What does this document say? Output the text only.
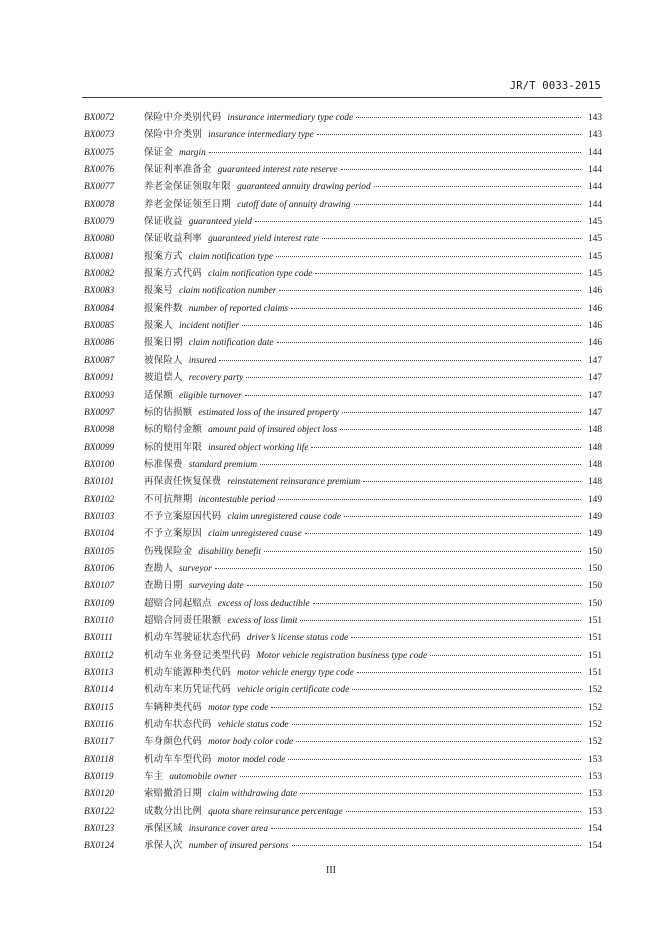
JR/T 0033-2015
BX0072	保险中介类别代码 insurance intermediary type code	143
BX0073	保险中介类别 insurance intermediary type	143
BX0075	保证金 margin	144
BX0076	保证利率准备金 guaranteed interest rate reserve	144
BX0077	养老金保证领取年限 guaranteed annuity drawing period	144
BX0078	养老金保证领至日期 cutoff date of annuity drawing	144
BX0079	保证收益 guaranteed yield	145
BX0080	保证收益利率 guaranteed yield interest rate	145
BX0081	报案方式 claim notification type	145
BX0082	报案方式代码 claim notification type code	145
BX0083	报案号 claim notification number	146
BX0084	报案件数 number of reported claims	146
BX0085	报案人 incident notifier	146
BX0086	报案日期 claim notification date	146
BX0087	被保险人 insured	147
BX0091	被追偿人 recovery party	147
BX0093	适保额 eligible turnover	147
BX0097	标的估损额 estimated loss of the insured property	147
BX0098	标的赔付金额 amount paid of insured object loss	148
BX0099	标的使用年限 insured object working life	148
BX0100	标准保费 standard premium	148
BX0101	再保责任恢复保费 reinstatement reinsurance premium	148
BX0102	不可抗辩期 incontestable period	149
BX0103	不予立案原因代码 claim unregistered cause code	149
BX0104	不予立案原因 claim unregistered cause	149
BX0105	伤残保险金 disability benefit	150
BX0106	查勘人 surveyor	150
BX0107	查勘日期 surveying date	150
BX0109	超赔合同起赔点 excess of loss deductible	150
BX0110	超赔合同责任限额 excess of loss limit	151
BX0111	机动车驾驶证状态代码 driver’s license status code	151
BX0112	机动车业务登记类型代码 Motor vehicle registration business type code	151
BX0113	机动车能源种类代码 motor vehicle energy type code	151
BX0114	机动车来历凭证代码 vehicle origin certificate code	152
BX0115	车辆种类代码 motor type code	152
BX0116	机动车状态代码 vehicle status code	152
BX0117	车身颜色代码 motor body color code	152
BX0118	机动车车型代码 motor model code	153
BX0119	车主 automobile owner	153
BX0120	索赔撤消日期 claim withdrawing date	153
BX0122	成数分出比例 quota share reinsurance percentage	153
BX0123	承保区域 insurance cover area	154
BX0124	承保人次 number of insured persons	154
III
